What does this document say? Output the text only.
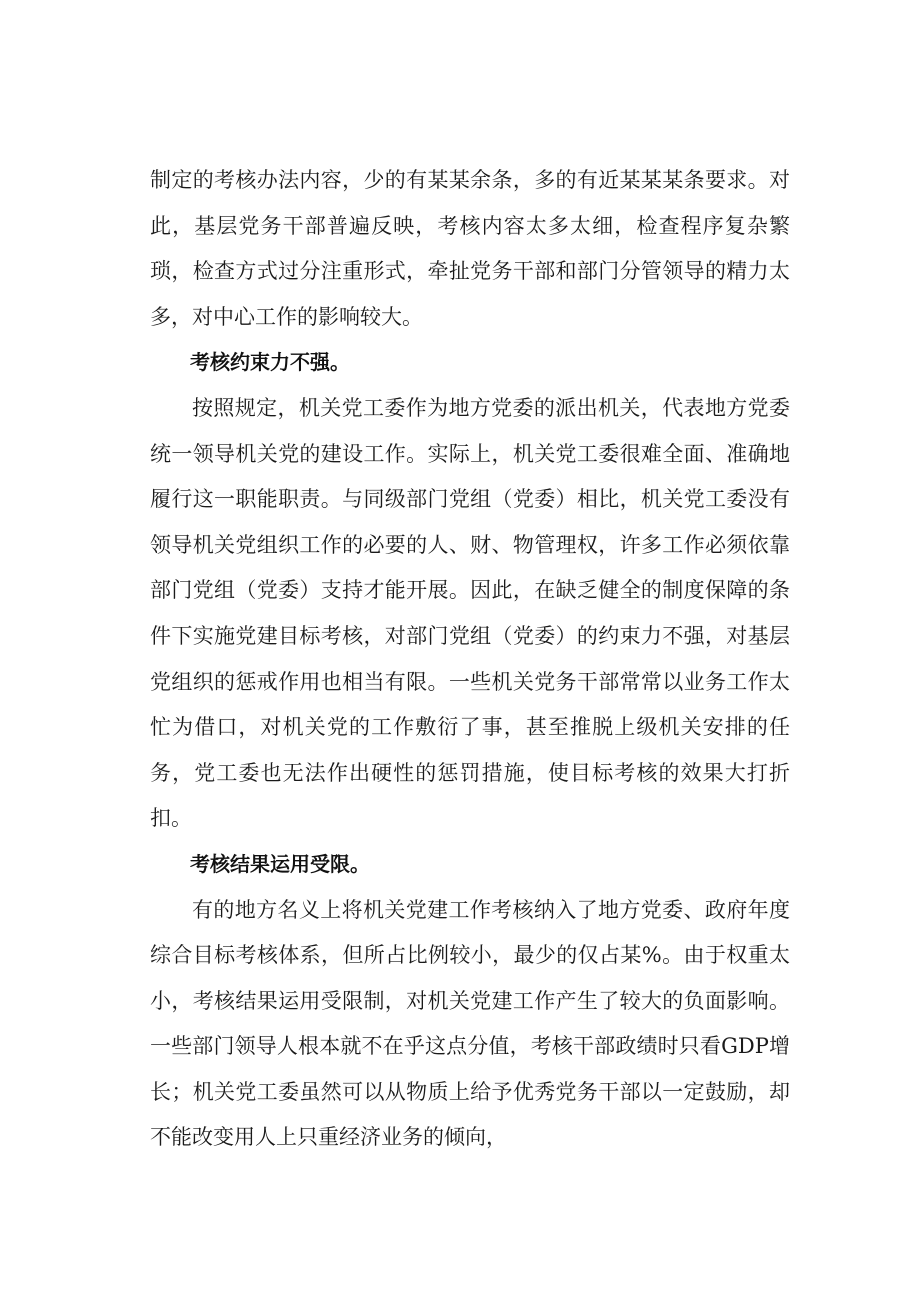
制定的考核办法内容，少的有某某余条，多的有近某某某条要求。对此，基层党务干部普遍反映，考核内容太多太细，检查程序复杂繁琐，检查方式过分注重形式，牵扯党务干部和部门分管领导的精力太多，对中心工作的影响较大。

考核约束力不强。

按照规定，机关党工委作为地方党委的派出机关，代表地方党委统一领导机关党的建设工作。实际上，机关党工委很难全面、准确地履行这一职能职责。与同级部门党组（党委）相比，机关党工委没有领导机关党组织工作的必要的人、财、物管理权，许多工作必须依靠部门党组（党委）支持才能开展。因此，在缺乏健全的制度保障的条件下实施党建目标考核，对部门党组（党委）的约束力不强，对基层党组织的惩戒作用也相当有限。一些机关党务干部常常以业务工作太忙为借口，对机关党的工作敷衍了事，甚至推脱上级机关安排的任务，党工委也无法作出硬性的惩罚措施，使目标考核的效果大打折扣。

考核结果运用受限。

有的地方名义上将机关党建工作考核纳入了地方党委、政府年度综合目标考核体系，但所占比例较小，最少的仅占某%。由于权重太小，考核结果运用受限制，对机关党建工作产生了较大的负面影响。一些部门领导人根本就不在乎这点分值，考核干部政绩时只看GDP增长；机关党工委虽然可以从物质上给予优秀党务干部以一定鼓励，却不能改变用人上只重经济业务的倾向，
